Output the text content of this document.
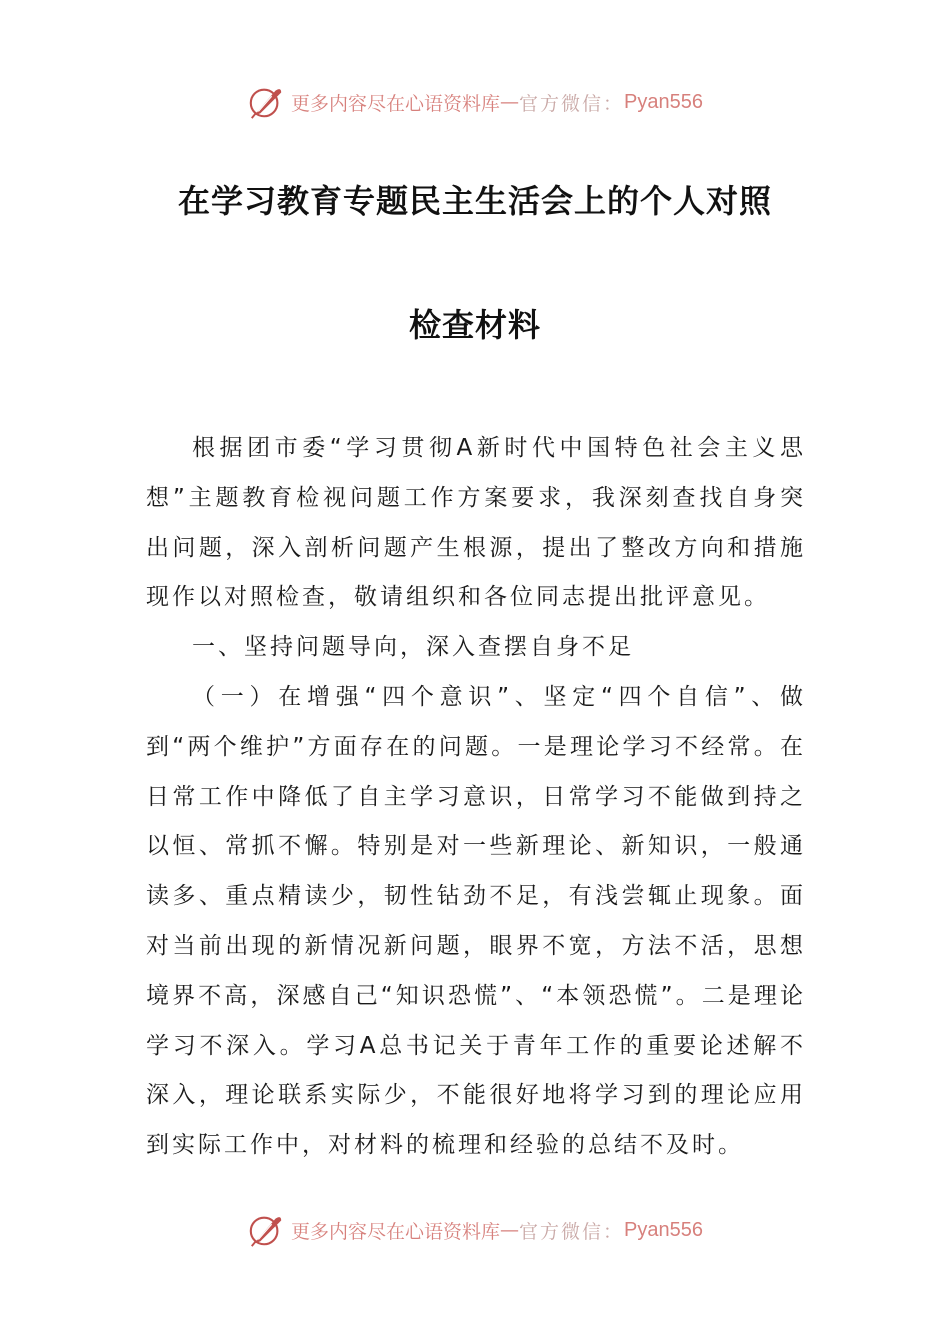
更多内容尽在心语资料库 — 官方微信： Pyan556
在学习教育专题民主生活会上的个人对照
检查材料

根据团市委“学习贯彻A新时代中国特色社会主义思想”主题教育检视问题工作方案要求，我深刻查找自身突出问题，深入剖析问题产生根源，提出了整改方向和措施现作以对照检查，敬请组织和各位同志提出批评意见。

一、坚持问题导向，深入查摆自身不足

（一）在增强“四个意识”、坚定“四个自信”、做到“两个维护”方面存在的问题。一是理论学习不经常。在日常工作中降低了自主学习意识，日常学习不能做到持之以恒、常抓不懈。特别是对一些新理论、新知识，一般通读多、重点精读少，韧性钻劲不足，有浅尝辄止现象。面对当前出现的新情况新问题，眼界不宽，方法不活，思想境界不高，深感自己“知识恐慌”、“本领恐慌”。二是理论学习不深入。学习A总书记关于青年工作的重要论述解不深入，理论联系实际少，不能很好地将学习到的理论应用到实际工作中，对材料的梳理和经验的总结不及时。

更多内容尽在心语资料库 — 官方微信： Pyan556
